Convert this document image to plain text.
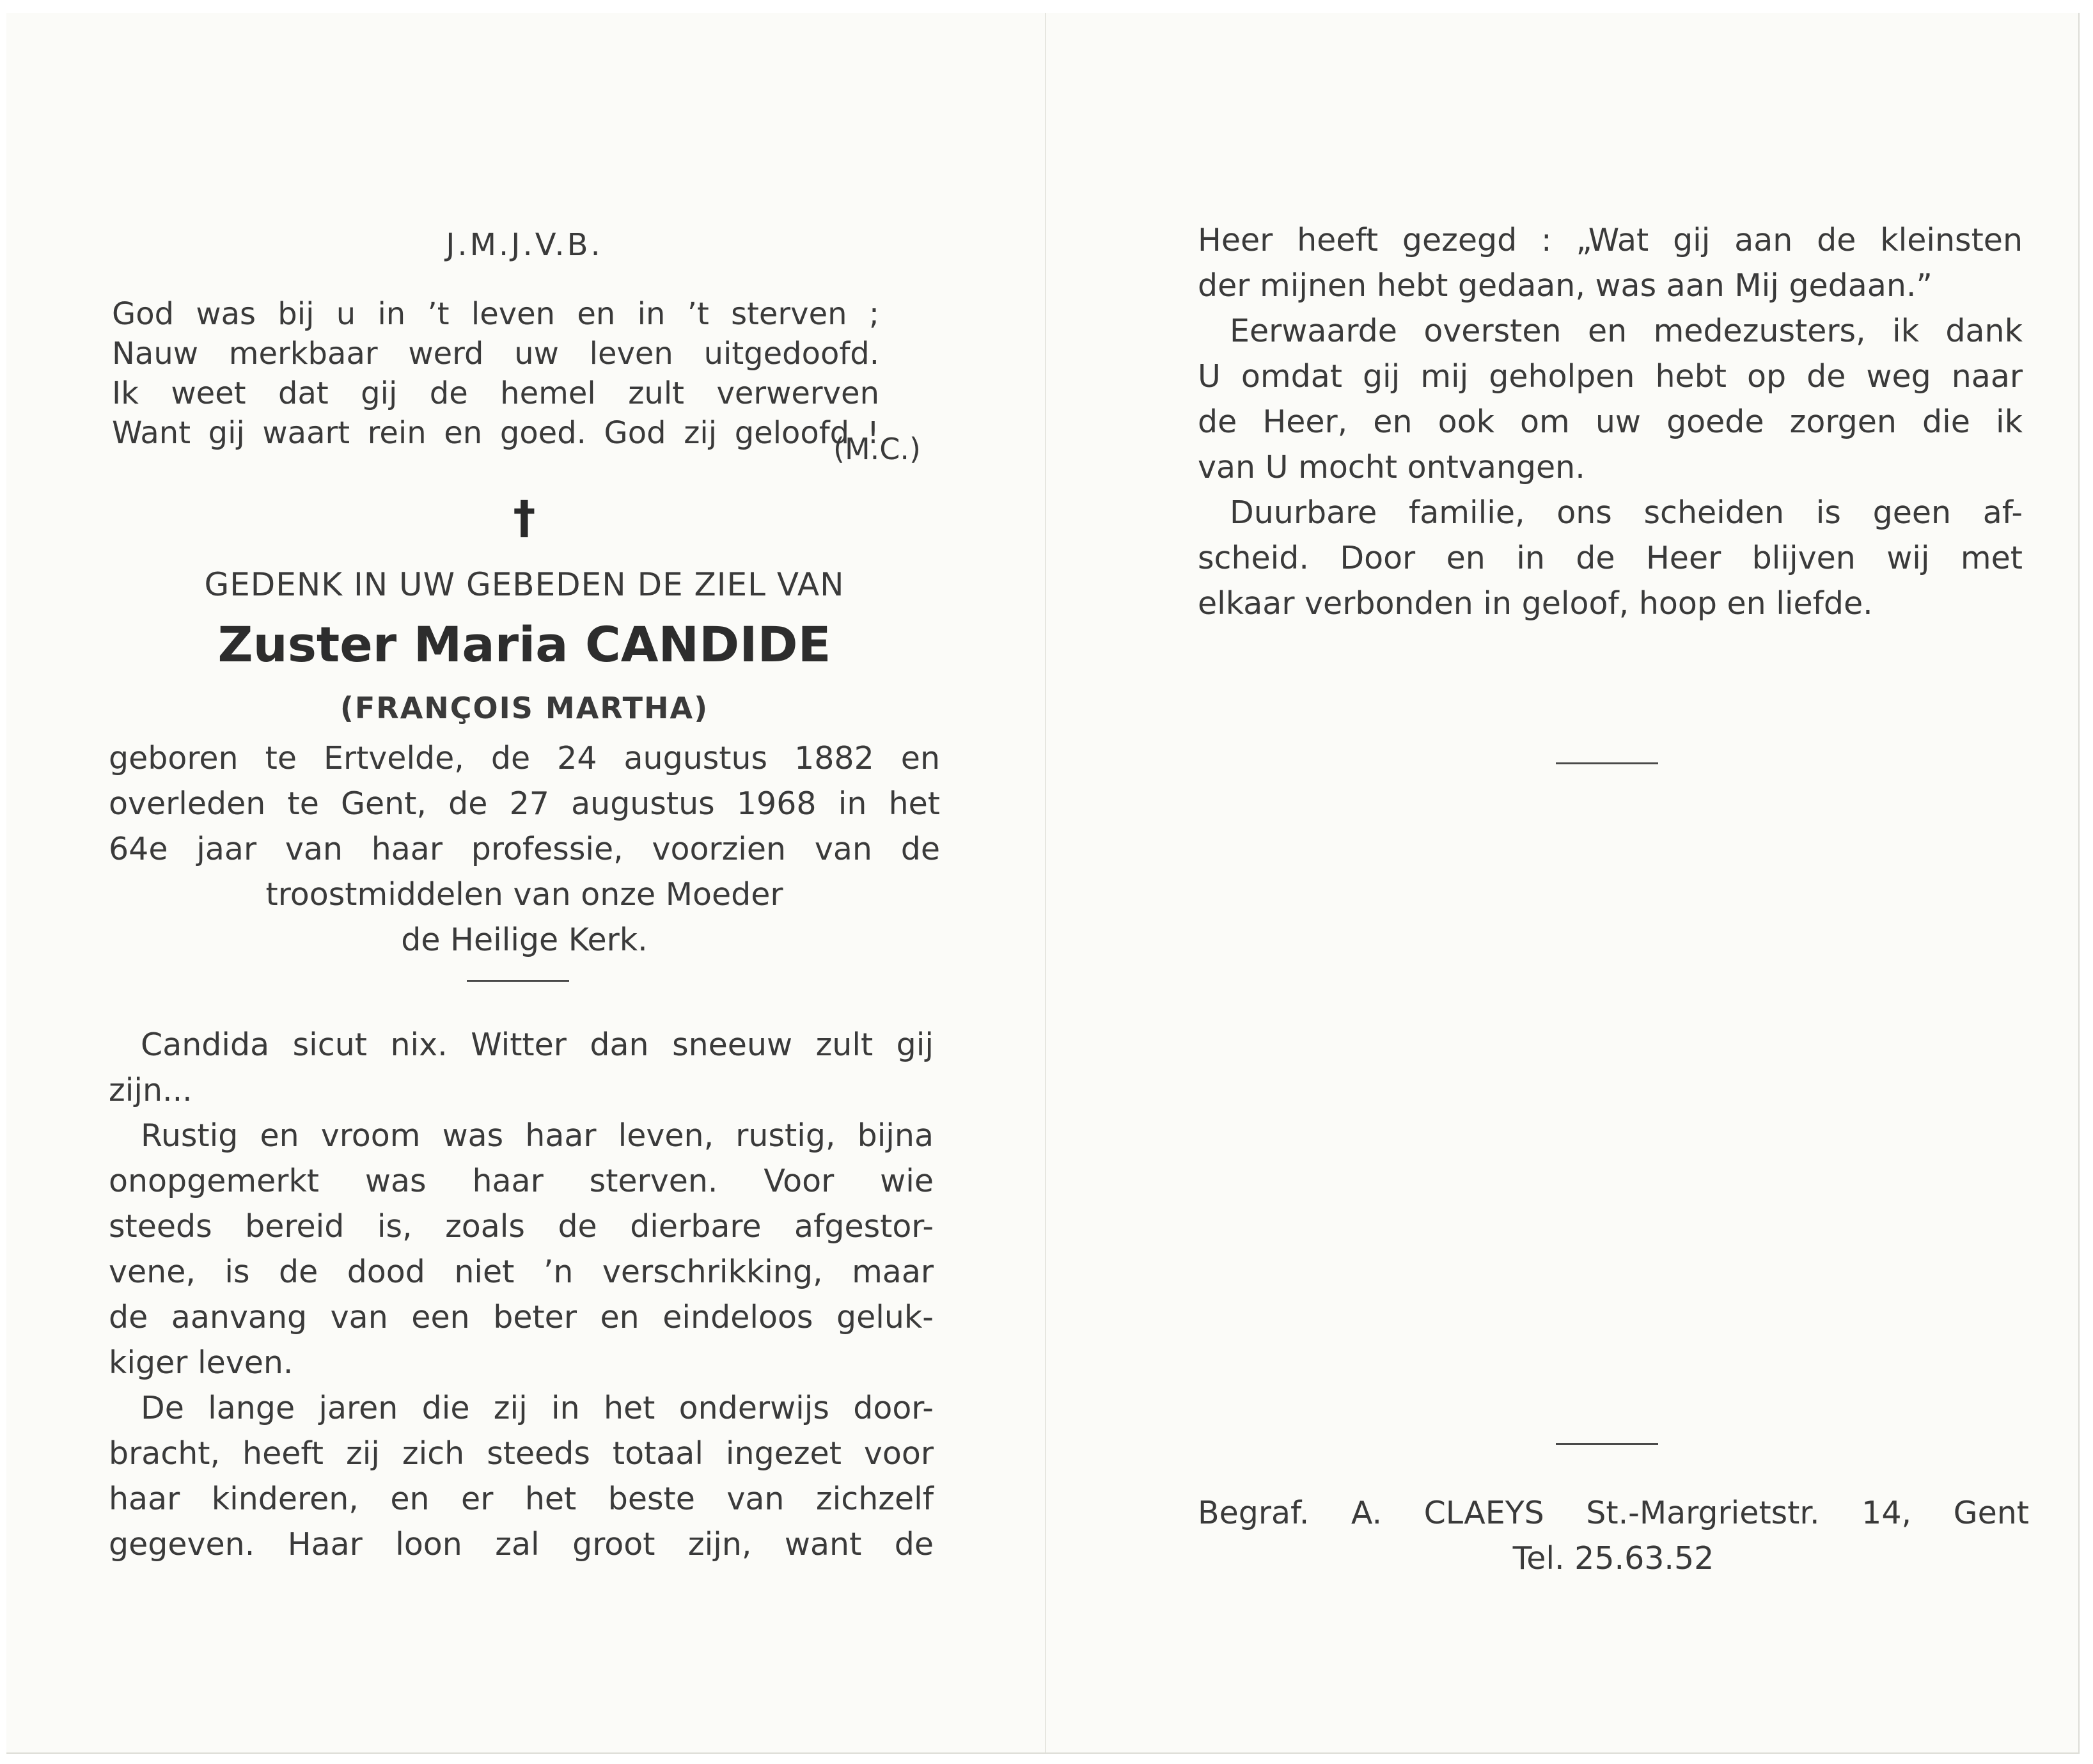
J.M.J.V.B.
God was bij u in ’t leven en in ’t sterven ;
Nauw merkbaar werd uw leven uitgedoofd.
Ik weet dat gij de hemel zult verwerven
Want gij waart rein en goed. God zij geloofd !
(M.C.)
†
GEDENK IN UW GEBEDEN DE ZIEL VAN
Zuster Maria CANDIDE
(FRANÇOIS MARTHA)
geboren te Ertvelde, de 24 augustus 1882 en
overleden te Gent, de 27 augustus 1968 in het
64e jaar van haar professie, voorzien van de
troostmiddelen van onze Moeder
de Heilige Kerk.
Candida sicut nix. Witter dan sneeuw zult gij
zijn...
Rustig en vroom was haar leven, rustig, bijna
onopgemerkt was haar sterven. Voor wie
steeds bereid is, zoals de dierbare afgestor-
vene, is de dood niet ’n verschrikking, maar
de aanvang van een beter en eindeloos geluk-
kiger leven.
De lange jaren die zij in het onderwijs door-
bracht, heeft zij zich steeds totaal ingezet voor
haar kinderen, en er het beste van zichzelf
gegeven. Haar loon zal groot zijn, want de
Heer heeft gezegd : „Wat gij aan de kleinsten
der mijnen hebt gedaan, was aan Mij gedaan.”
Eerwaarde oversten en medezusters, ik dank
U omdat gij mij geholpen hebt op de weg naar
de Heer, en ook om uw goede zorgen die ik
van U mocht ontvangen.
Duurbare familie, ons scheiden is geen af-
scheid. Door en in de Heer blijven wij met
elkaar verbonden in geloof, hoop en liefde.
Begraf. A. CLAEYS St.-Margrietstr. 14, Gent
Tel. 25.63.52
